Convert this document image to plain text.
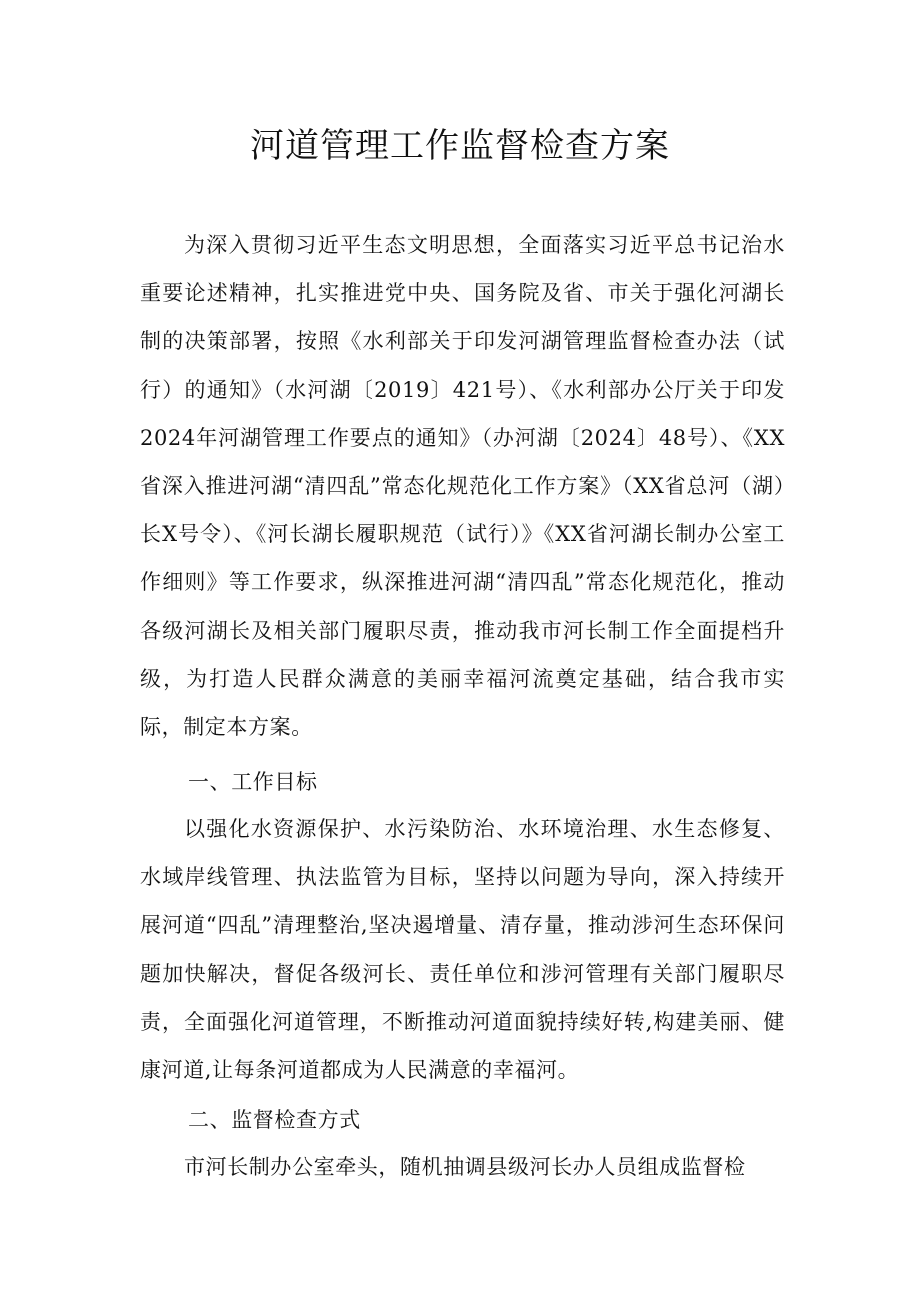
河道管理工作监督检查方案
为深入贯彻习近平生态文明思想，全面落实习近平总书记治水重要论述精神，扎实推进党中央、国务院及省、市关于强化河湖长制的决策部署，按照《水利部关于印发河湖管理监督检查办法（试行）的通知》（水河湖〔2019〕421号）、《水利部办公厅关于印发2024年河湖管理工作要点的通知》（办河湖〔2024〕48号）、《XX省深入推进河湖“清四乱”常态化规范化工作方案》（XX省总河（湖）长X号令）、《河长湖长履职规范（试行）》《XX省河湖长制办公室工作细则》等工作要求，纵深推进河湖“清四乱”常态化规范化，推动各级河湖长及相关部门履职尽责，推动我市河长制工作全面提档升级，为打造人民群众满意的美丽幸福河流奠定基础，结合我市实际，制定本方案。
一、工作目标
以强化水资源保护、水污染防治、水环境治理、水生态修复、水域岸线管理、执法监管为目标，坚持以问题为导向，深入持续开展河道“四乱”清理整治,坚决遏增量、清存量，推动涉河生态环保问题加快解决，督促各级河长、责任单位和涉河管理有关部门履职尽责，全面强化河道管理，不断推动河道面貌持续好转,构建美丽、健康河道,让每条河道都成为人民满意的幸福河。
二、监督检查方式
市河长制办公室牵头，随机抽调县级河长办人员组成监督检
